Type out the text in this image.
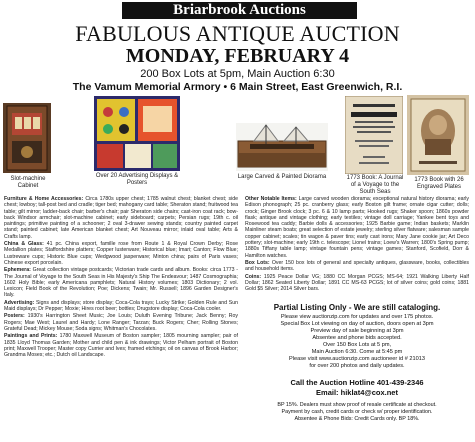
Briarbrook Auctions
FABULOUS ANTIQUE AUCTION
MONDAY, FEBRUARY 4
200 Box Lots at 5pm, Main Auction 6:30
The Vamum Memorial Armory • 6 Main Street, East Greenwich, R.I.
Slot-machine Cabinet
Over 20 Advertising Displays & Posters
Large Carved & Painted Diorama	1773 Book: A Journal of a Voyage to the South Seas
1773 Book with 26 Engraved Plates

Furniture & Home Accessories: Circa 1780s upper chest; 1785 walnut chest; blanket chest; side chest; lowboy; tall-post bed and cradle; tiger bed; mahogany card table; Sheraton stand; fruitwood tea table; gilt mirror; ladder-back chair; barber's chair; pair Sheraton side chairs; cast-iron coat rack; bow-back Windsor armchair; slot-machine cabinet; early sideboard; carpets; Persian rugs; 19th c. oil paintings; primitive painting of a schooner; 2 oval 3-drawer sewing stands; country painted carpet stand; painted cabinet; late American blanket chest; Art Nouveau mirror; inlaid oval table; Arts & Crafts lamp.

China & Glass: 41 pc. China export, famille rose from Route 1 & Royal Crown Derby; Rose Medallion plates; Staffordshire platters; Copper lusterware; Historical blue; Imari; Canton; Flow Blue; Lustreware cups; Historic Blue cups; Wedgwood jasperware; Minton china; pairs of Paris vases; Chinese export porcelain.

Ephemera: Great collection vintage postcards; Victorian trade cards and album. Books: circa 1773 - The Journal of Voyage to the South Seas in His Majesty's Ship The Endeavour; 1487 Cosmographia; 1602 Holy Bible; early Americana pamphlets; Natural History volumes; 1803 Dictionary; 2 vol. Lexicon; Field Book of the Revolution; Poe; Dickens; Twain; Mr. Russell; 1896 Garden Designer's Italy.

Advertising: Signs and displays; store display; Coca-Cola trays; Lucky Strike; Golden Rule and Sun Maid displays; Dr Pepper; Moxie; Hires root beer; bottles; Drugstore display; Coca-Cola cooler.

Posters: 1930's Harrington Sheet Music; Joe Louis; Duluth Evening Tribune; Jack Benny; Roy Rogers; Mae West; Laurel and Hardy; Lone Ranger; Tarzan; Buck Rogers; Cher; Rolling Stones; Grateful Dead; Mickey Mouse; Soda signs; Whitman's Chocolates.

Paintings and Prints: 1780 Maxwell Museum of Boston sampler; 1805 mourning sampler; pair of 1835 Lloyd Thomas Garden; Mother and child pen & ink drawings; Victor Pelham portrait of Boston print; Maxwell Trooper; Master copy Currier and Ives; framed etchings; oil on canvas of Brook Harbor; Grandma Moses; etc.; Dutch oil Landscape.

Other Notable Items: Large carved wooden diorama; exceptional natural history diorama; early Edison phonograph; 25 pc. cranberry glass; early Boston gilt frame; ornate cigar cutter; dolls; crock; Ginger Brook clock; 3 pc. 6 & 10 lamp parts; Hooked rugs; Shaker spoon; 1860s powder flask; antique and vintage clothing; early textiles; vintage doll carriage; Yankee bent toys and Rosewood tea caddy; Barbie dolls & accessories; 1925 Barbie game; Indian baskets; Marklin Mainliner steam boats; great selection of estate jewelry; sterling silver flatware; salesman sample copper cabinet; scales; tin wagon & paver tins; early cast irons; Mary Jane cookie jar; Art Deco pottery; slot-machine; early 19th c. telescope; Lionel trains; Loew's Warren; 1800's Spring pump; 1880s Tiffany table lamp; vintage fountain pens; vintage games; Stanford, Scofield, Dorr & Hamilton watches.

Box Lots: Over 150 box lots of general and specialty antiques, glassware, books, collectibles and household items.

Coins: 1925 Peace Dollar VG; 1880 CC Morgan PCGS; MS-64; 1921 Walking Liberty Half Dollar; 1862 Seated Liberty Dollar; 1891 CC MS-63 PCGS; lot of silver coins; gold coins; 1881 Gold $5 Silver; 2014 Silver bars.

Partial Listing Only - We are still cataloging.
Please view auctionzip.com for updates and over 175 photos.
Special Box Lot viewing on day of auction, doors open at 3pm
Preview day of sale beginning at 3pm
Absentee and phone bids accepted.
Over 150 Box Lots at 5 pm,
Main Auction 6:30. Come at 5:45 pm
Please visit www.auctionzip.com auctioneer id # 21013
for over 200 photos and daily updates.
Call the Auction Hotline 401-439-2346
Email: hiklat4@cox.net
BP 15%. Dealers must show proof of resale certificate at checkout.
Payment by cash, credit cards or check w/ proper identification.
Absentee & Phone Bids: Credit Cards only. BP 18%.
